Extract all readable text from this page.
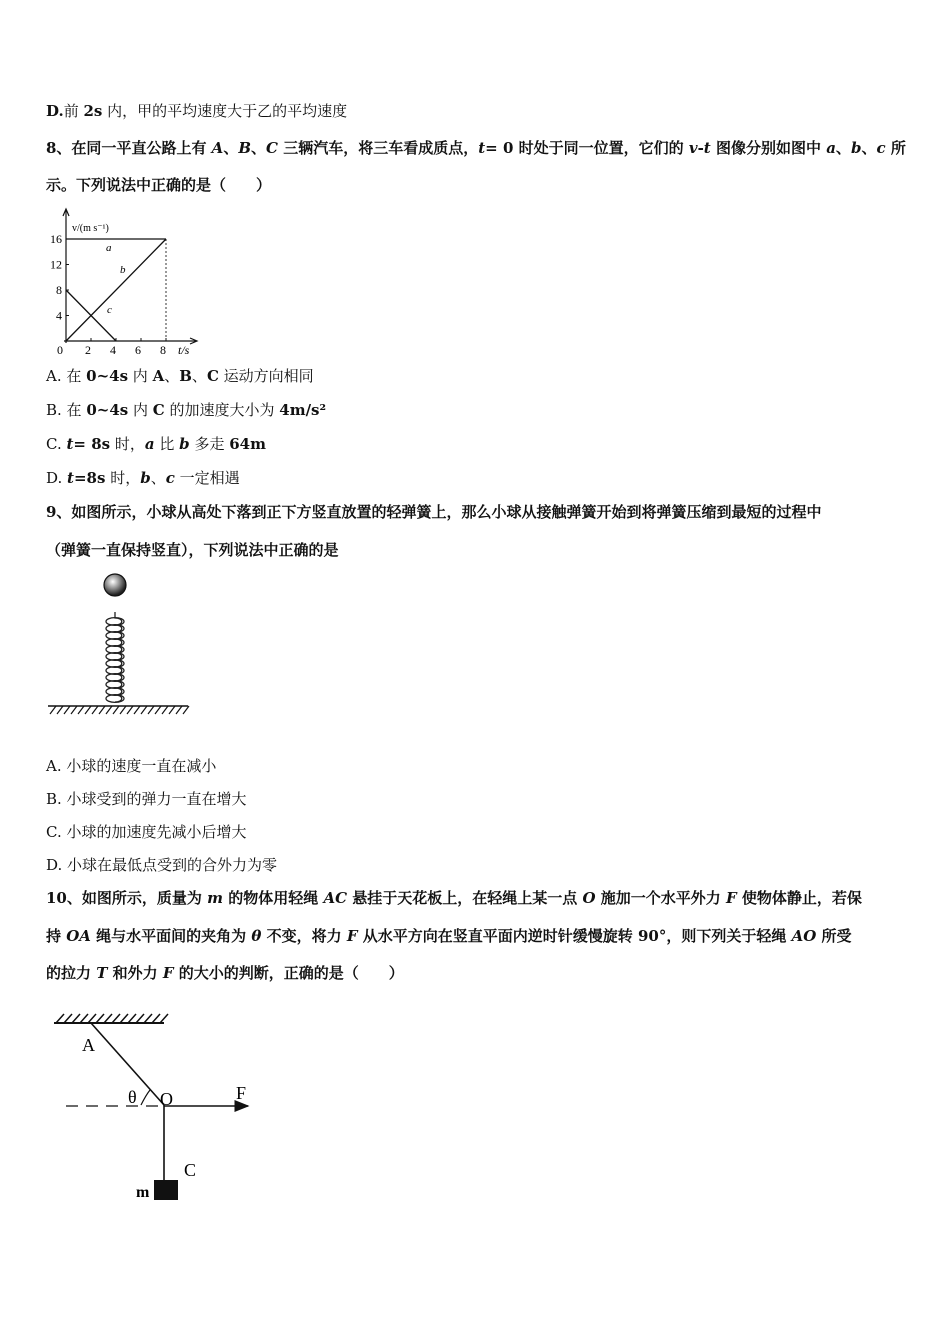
D.前 2s 内，甲的平均速度大于乙的平均速度
8、在同一平直公路上有 A、B、C 三辆汽车，将三车看成质点，t= 0 时处于同一位置，它们的 v-t 图像分别如图中 a、b、c 所
示。下列说法中正确的是（　　）
a
b
c
4
8
12
16
0 2 4 6 8 t/s
v/(m s⁻¹)
A. 在 0~4s 内 A、B、C 运动方向相同
B. 在 0~4s 内 C 的加速度大小为 4m/s²
C. t= 8s 时，a 比 b 多走 64m
D. t=8s 时，b、c 一定相遇
9、如图所示，小球从高处下落到正下方竖直放置的轻弹簧上，那么小球从接触弹簧开始到将弹簧压缩到最短的过程中
（弹簧一直保持竖直），下列说法中正确的是
A. 小球的速度一直在减小
B. 小球受到的弹力一直在增大
C. 小球的加速度先减小后增大
D. 小球在最低点受到的合外力为零
10、如图所示，质量为 m 的物体用轻绳 AC 悬挂于天花板上，在轻绳上某一点 O 施加一个水平外力 F 使物体静止，若保
持 OA 绳与水平面间的夹角为 θ 不变，将力 F 从水平方向在竖直平面内逆时针缓慢旋转 90°，则下列关于轻绳 AO 所受
的拉力 T 和外力 F 的大小的判断，正确的是（　　）
A
θ O	F
C
m
